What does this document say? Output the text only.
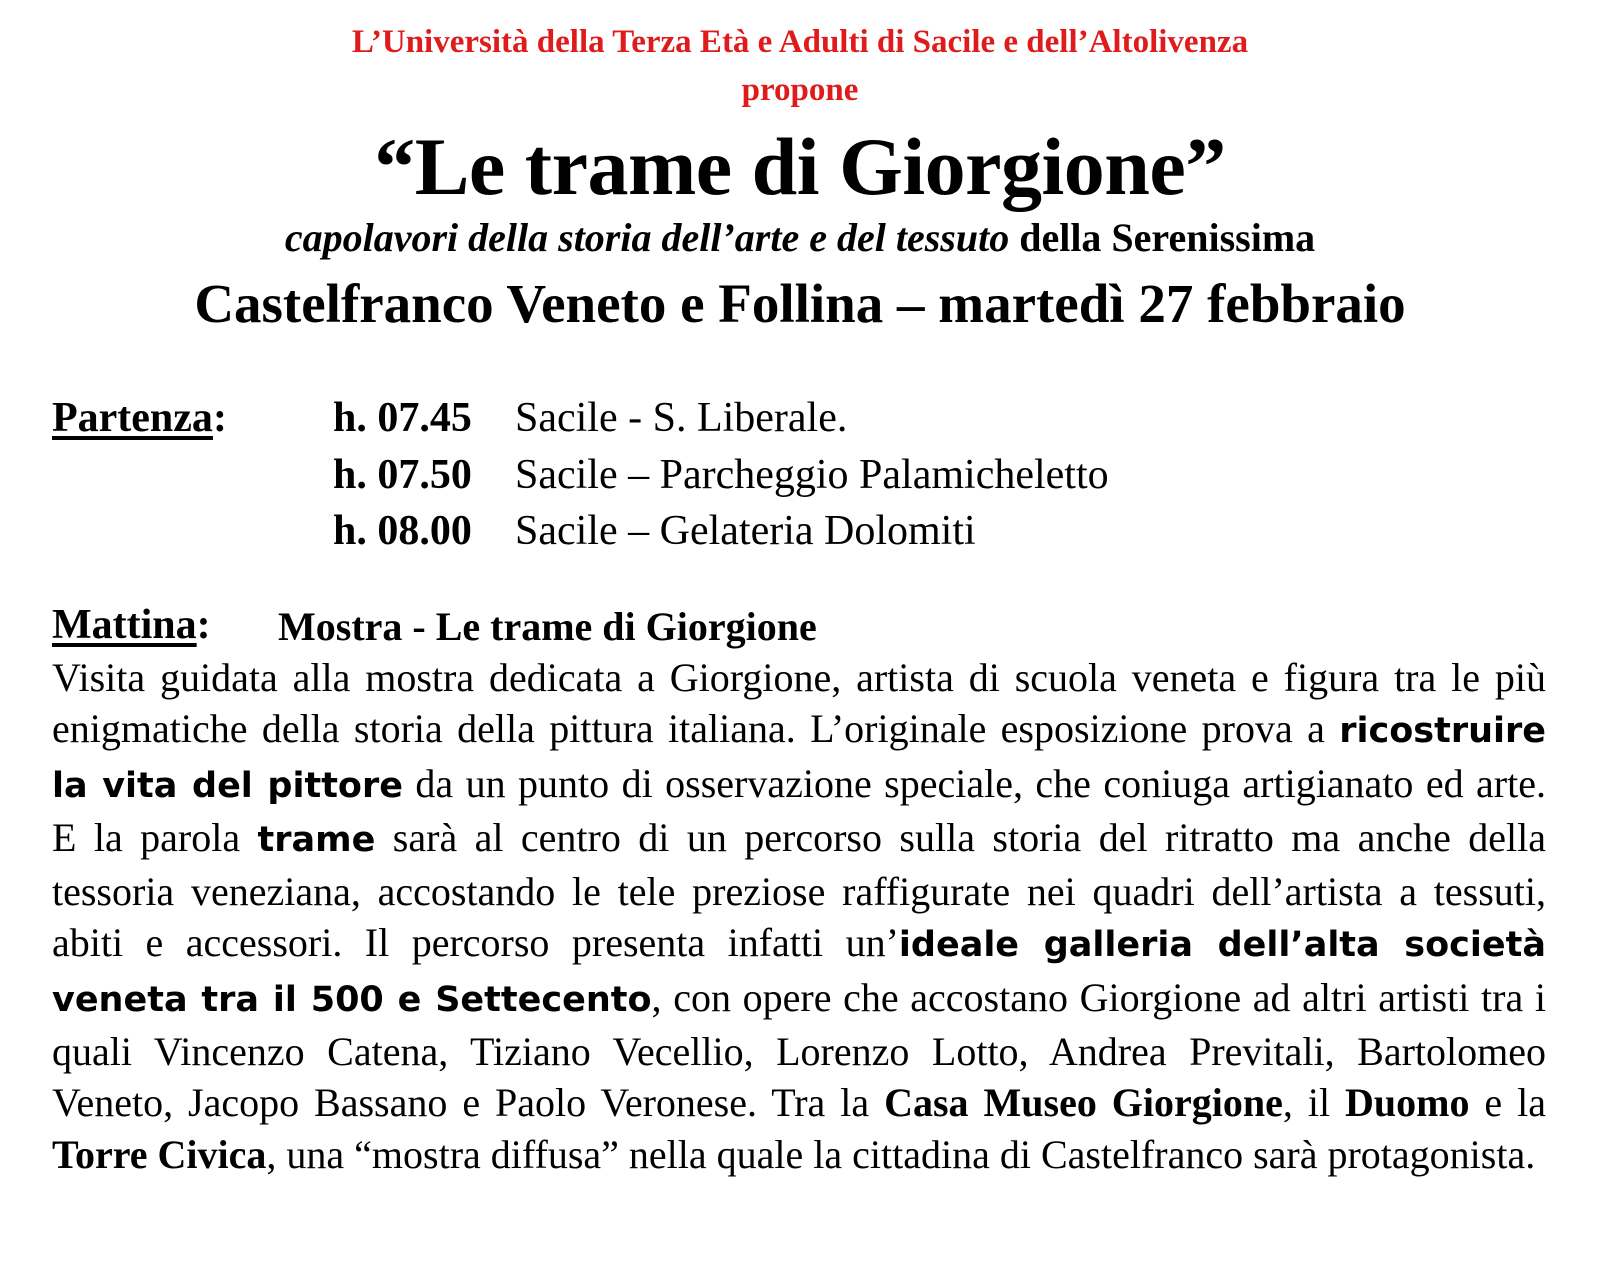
L’Università della Terza Età e Adulti di Sacile e dell’Altolivenza
propone
“Le trame di Giorgione”
capolavori della storia dell’arte e del tessuto della Serenissima
Castelfranco Veneto e Follina – martedì 27 febbraio
Partenza:	h. 07.45 Sacile - S. Liberale.
h. 07.50 Sacile – Parcheggio Palamicheletto
h. 08.00 Sacile – Gelateria Dolomiti
Mattina: Mostra - Le trame di Giorgione
Visita guidata alla mostra dedicata a Giorgione, artista di scuola veneta e figura tra le più enigmatiche della storia della pittura italiana. L’originale esposizione prova a ricostruire la vita del pittore da un punto di osservazione speciale, che coniuga artigianato ed arte. E la parola trame sarà al centro di un percorso sulla storia del ritratto ma anche della tessoria veneziana, accostando le tele preziose raffigurate nei quadri dell’artista a tessuti, abiti e accessori. Il percorso presenta infatti un’ideale galleria dell’alta società veneta tra il 500 e Settecento, con opere che accostano Giorgione ad altri artisti tra i quali Vincenzo Catena, Tiziano Vecellio, Lorenzo Lotto, Andrea Previtali, Bartolomeo Veneto, Jacopo Bassano e Paolo Veronese. Tra la Casa Museo Giorgione, il Duomo e la Torre Civica, una “mostra diffusa” nella quale la cittadina di Castelfranco sarà protagonista.
